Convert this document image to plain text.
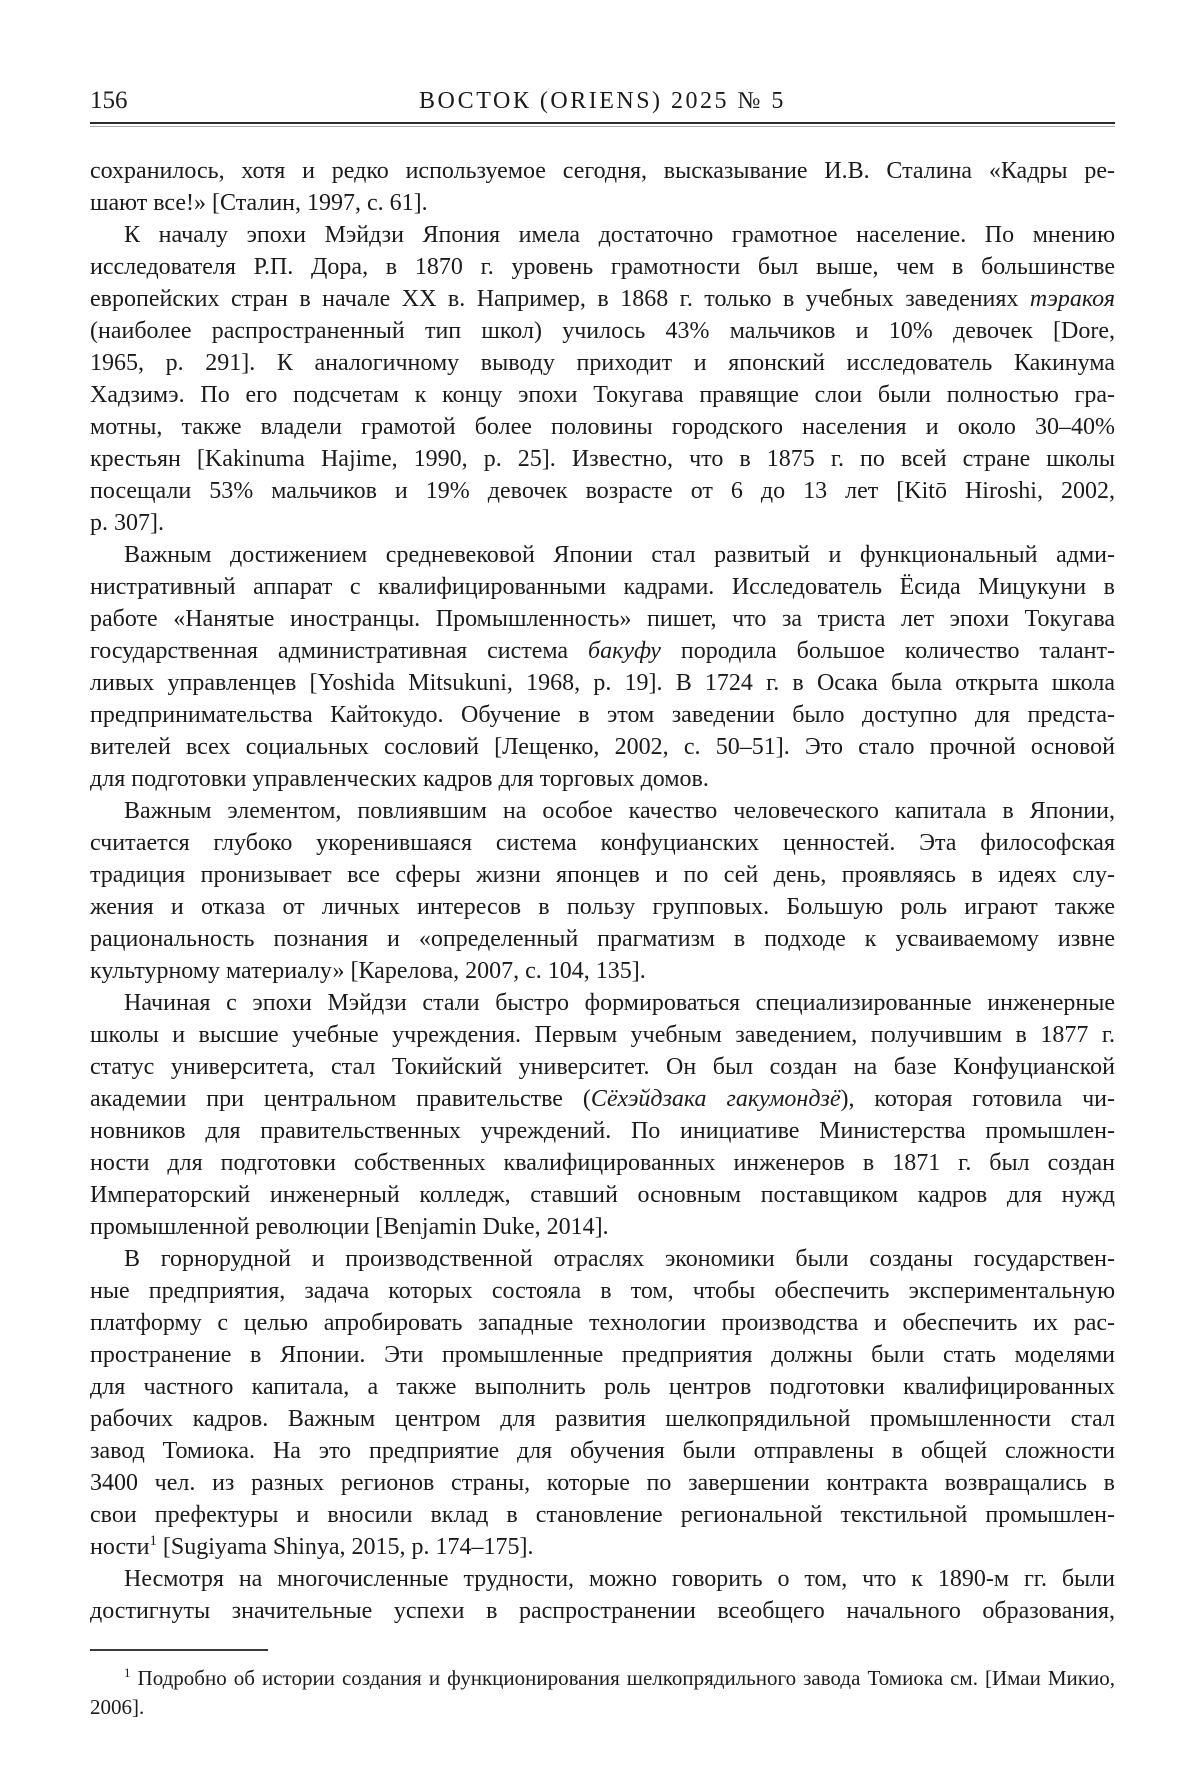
156	ВОСТОК (ORIENS) 2025 № 5
сохранилось, хотя и редко используемое сегодня, высказывание И.В. Сталина «Кадры ре-
шают все!» [Сталин, 1997, с. 61].
К началу эпохи Мэйдзи Япония имела достаточно грамотное население. По мнению
исследователя Р.П. Дора, в 1870 г. уровень грамотности был выше, чем в большинстве
европейских стран в начале XX в. Например, в 1868 г. только в учебных заведениях тэракоя
(наиболее распространенный тип школ) училось 43% мальчиков и 10% девочек [Dore,
1965, p. 291]. К аналогичному выводу приходит и японский исследователь Какинума
Хадзимэ. По его подсчетам к концу эпохи Токугава правящие слои были полностью гра-
мотны, также владели грамотой более половины городского населения и около 30–40%
крестьян [Kakinuma Hajime, 1990, p. 25]. Известно, что в 1875 г. по всей стране школы
посещали 53% мальчиков и 19% девочек возрасте от 6 до 13 лет [Kitō Hiroshi, 2002,
p. 307].
Важным достижением средневековой Японии стал развитый и функциональный адми-
нистративный аппарат с квалифицированными кадрами. Исследователь Ёсида Мицукуни в
работе «Нанятые иностранцы. Промышленность» пишет, что за триста лет эпохи Токугава
государственная административная система бакуфу породила большое количество талант-
ливых управленцев [Yoshida Mitsukuni, 1968, p. 19]. В 1724 г. в Осака была открыта школа
предпринимательства Кайтокудо. Обучение в этом заведении было доступно для предста-
вителей всех социальных сословий [Лещенко, 2002, с. 50–51]. Это стало прочной основой
для подготовки управленческих кадров для торговых домов.
Важным элементом, повлиявшим на особое качество человеческого капитала в Японии,
считается глубоко укоренившаяся система конфуцианских ценностей. Эта философская
традиция пронизывает все сферы жизни японцев и по сей день, проявляясь в идеях слу-
жения и отказа от личных интересов в пользу групповых. Большую роль играют также
рациональность познания и «определенный прагматизм в подходе к усваиваемому извне
культурному материалу» [Карелова, 2007, с. 104, 135].
Начиная с эпохи Мэйдзи стали быстро формироваться специализированные инженерные
школы и высшие учебные учреждения. Первым учебным заведением, получившим в 1877 г.
статус университета, стал Токийский университет. Он был создан на базе Конфуцианской
академии при центральном правительстве (Сёхэйдзака гакумондзё), которая готовила чи-
новников для правительственных учреждений. По инициативе Министерства промышлен-
ности для подготовки собственных квалифицированных инженеров в 1871 г. был создан
Императорский инженерный колледж, ставший основным поставщиком кадров для нужд
промышленной революции [Benjamin Duke, 2014].
В горнорудной и производственной отраслях экономики были созданы государствен-
ные предприятия, задача которых состояла в том, чтобы обеспечить экспериментальную
платформу с целью апробировать западные технологии производства и обеспечить их рас-
пространение в Японии. Эти промышленные предприятия должны были стать моделями
для частного капитала, а также выполнить роль центров подготовки квалифицированных
рабочих кадров. Важным центром для развития шелкопрядильной промышленности стал
завод Томиока. На это предприятие для обучения были отправлены в общей сложности
3400 чел. из разных регионов страны, которые по завершении контракта возвращались в
свои префектуры и вносили вклад в становление региональной текстильной промышлен-
ности$^1$ [Sugiyama Shinya, 2015, p. 174–175].
Несмотря на многочисленные трудности, можно говорить о том, что к 1890-м гг. были
достигнуты значительные успехи в распространении всеобщего начального образования,
$^1$ Подробно об истории создания и функционирования шелкопрядильного завода Томиока см. [Имаи Микио,
2006].
